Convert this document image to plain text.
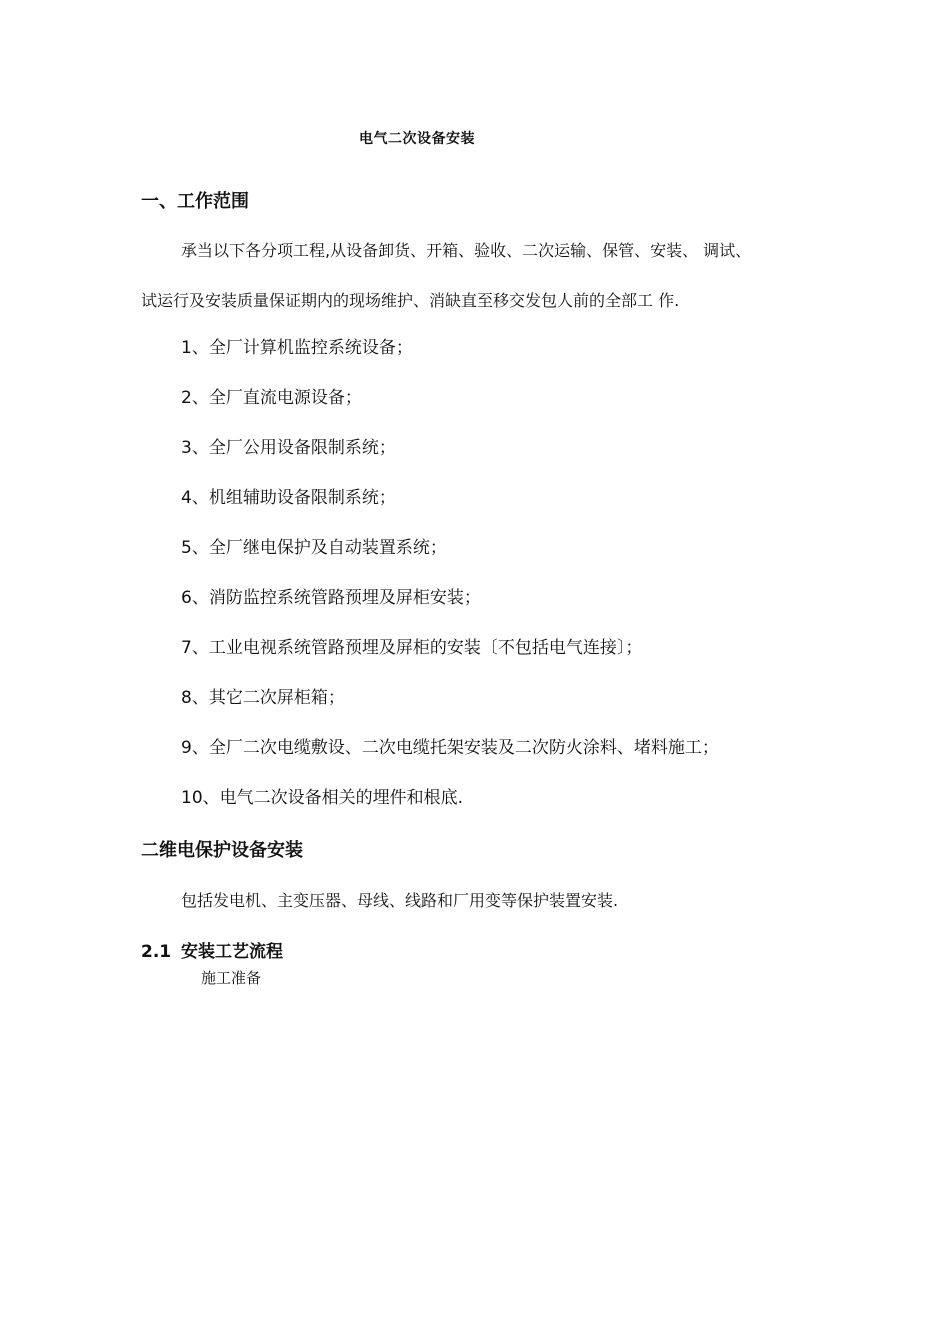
电气二次设备安装
一、工作范围
承当以下各分项工程,从设备卸货、开箱、验收、二次运输、保管、安装、 调试、
试运行及安装质量保证期内的现场维护、消缺直至移交发包人前的全部工 作.
1、全厂计算机监控系统设备；
2、全厂直流电源设备；
3、全厂公用设备限制系统；
4、机组辅助设备限制系统；
5、全厂继电保护及自动装置系统；
6、消防监控系统管路预埋及屏柜安装；
7、工业电视系统管路预埋及屏柜的安装〔不包括电气连接〕；
8、其它二次屏柜箱；
9、全厂二次电缆敷设、二次电缆托架安装及二次防火涂料、堵料施工；
10、电气二次设备相关的埋件和根底.
二维电保护设备安装
包括发电机、主变压器、母线、线路和厂用变等保护装置安装.
2.1 安装工艺流程
施工准备
